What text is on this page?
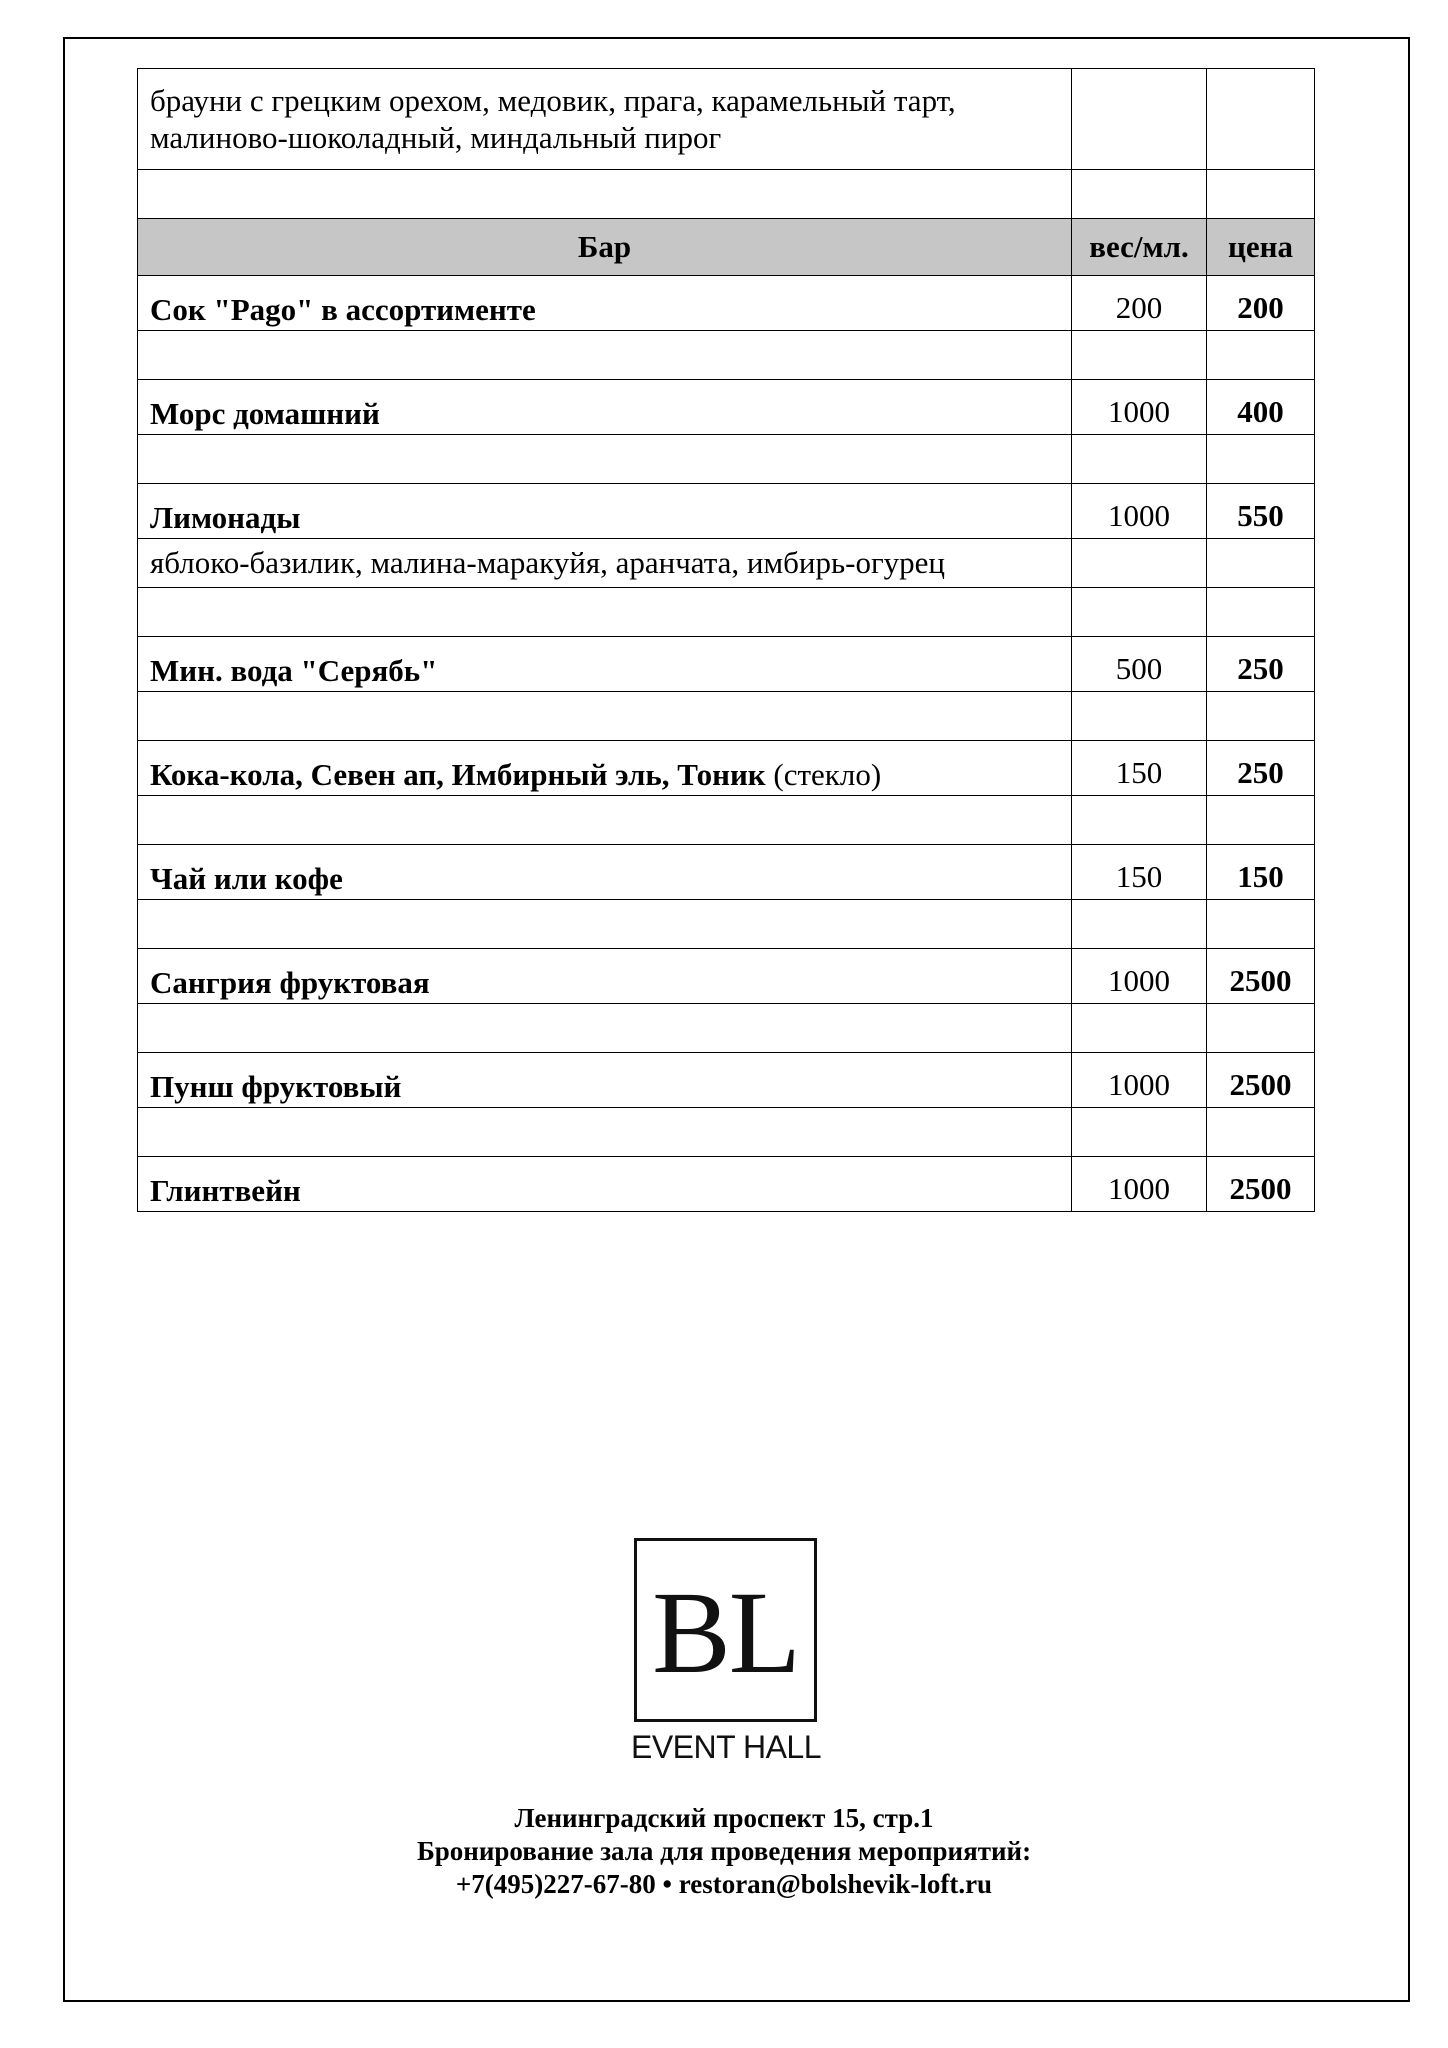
брауни с грецким орехом, медовик, прага, карамельный тарт, малиново-шоколадный, миндальный пирог		

Бар	вес/мл.	цена
Сок "Pago" в ассортименте	200	200

Морс домашний	1000	400

Лимонады	1000	550
яблоко-базилик, малина-маракуйя, аранчата, имбирь-огурец		

Мин. вода "Серябь"	500	250

Кока-кола, Севен ап, Имбирный эль, Тоник (стекло)	150	250

Чай или кофе	150	150

Сангрия фруктовая	1000	2500

Пунш фруктовый	1000	2500

Глинтвейн	1000	2500
BL
EVENT HALL
Ленинградский проспект 15, стр.1
Бронирование зала для проведения мероприятий:
+7(495)227-67-80 • restoran@bolshevik-loft.ru
